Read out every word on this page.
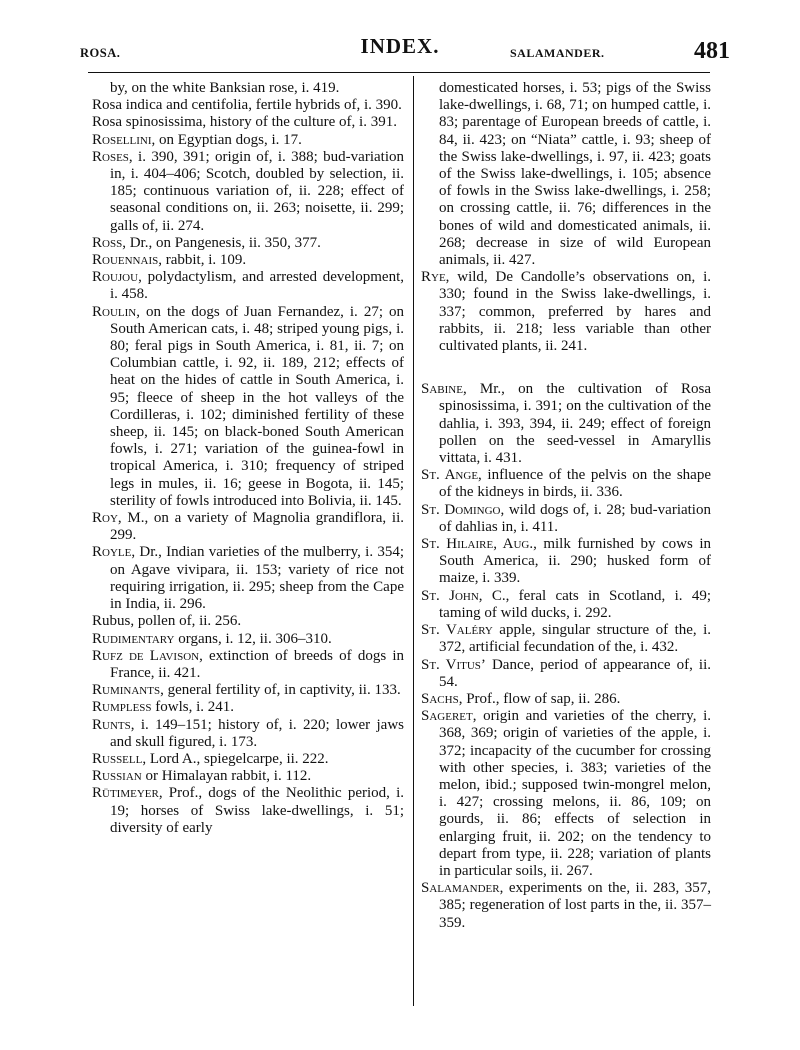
ROSA.	INDEX.	SALAMANDER.	481

by, on the white Banksian rose, i. 419.

Rosa indica and centifolia, fertile hybrids of, i. 390.

Rosa spinosissima, history of the culture of, i. 391.

Rosellini, on Egyptian dogs, i. 17.

Roses, i. 390, 391; origin of, i. 388; bud-variation in, i. 404–406; Scotch, doubled by selection, ii. 185; continuous variation of, ii. 228; effect of seasonal conditions on, ii. 263; noisette, ii. 299; galls of, ii. 274.

Ross, Dr., on Pangenesis, ii. 350, 377.

Rouennais, rabbit, i. 109.

Roujou, polydactylism, and arrested development, i. 458.

Roulin, on the dogs of Juan Fernandez, i. 27; on South American cats, i. 48; striped young pigs, i. 80; feral pigs in South America, i. 81, ii. 7; on Columbian cattle, i. 92, ii. 189, 212; effects of heat on the hides of cattle in South America, i. 95; fleece of sheep in the hot valleys of the Cordilleras, i. 102; diminished fertility of these sheep, ii. 145; on black-boned South American fowls, i. 271; variation of the guinea-fowl in tropical America, i. 310; frequency of striped legs in mules, ii. 16; geese in Bogota, ii. 145; sterility of fowls introduced into Bolivia, ii. 145.

Roy, M., on a variety of Magnolia grandiflora, ii. 299.

Royle, Dr., Indian varieties of the mulberry, i. 354; on Agave vivipara, ii. 153; variety of rice not requiring irrigation, ii. 295; sheep from the Cape in India, ii. 296.

Rubus, pollen of, ii. 256.

Rudimentary organs, i. 12, ii. 306–310.

Rufz de Lavison, extinction of breeds of dogs in France, ii. 421.

Ruminants, general fertility of, in captivity, ii. 133.

Rumpless fowls, i. 241.

Runts, i. 149–151; history of, i. 220; lower jaws and skull figured, i. 173.

Russell, Lord A., spiegelcarpe, ii. 222.

Russian or Himalayan rabbit, i. 112.

Rütimeyer, Prof., dogs of the Neolithic period, i. 19; horses of Swiss lake-dwellings, i. 51; diversity of early

domesticated horses, i. 53; pigs of the Swiss lake-dwellings, i. 68, 71; on humped cattle, i. 83; parentage of European breeds of cattle, i. 84, ii. 423; on “Niata” cattle, i. 93; sheep of the Swiss lake-dwellings, i. 97, ii. 423; goats of the Swiss lake-dwellings, i. 105; absence of fowls in the Swiss lake-dwellings, i. 258; on crossing cattle, ii. 76; differences in the bones of wild and domesticated animals, ii. 268; decrease in size of wild European animals, ii. 427.

Rye, wild, De Candolle’s observations on, i. 330; found in the Swiss lake-dwellings, i. 337; common, preferred by hares and rabbits, ii. 218; less variable than other cultivated plants, ii. 241.

Sabine, Mr., on the cultivation of Rosa spinosissima, i. 391; on the cultivation of the dahlia, i. 393, 394, ii. 249; effect of foreign pollen on the seed-vessel in Amaryllis vittata, i. 431.

St. Ange, influence of the pelvis on the shape of the kidneys in birds, ii. 336.

St. Domingo, wild dogs of, i. 28; bud-variation of dahlias in, i. 411.

St. Hilaire, Aug., milk furnished by cows in South America, ii. 290; husked form of maize, i. 339.

St. John, C., feral cats in Scotland, i. 49; taming of wild ducks, i. 292.

St. Valéry apple, singular structure of the, i. 372, artificial fecundation of the, i. 432.

St. Vitus’ Dance, period of appearance of, ii. 54.

Sachs, Prof., flow of sap, ii. 286.

Sageret, origin and varieties of the cherry, i. 368, 369; origin of varieties of the apple, i. 372; incapacity of the cucumber for crossing with other species, i. 383; varieties of the melon, ibid.; supposed twin-mongrel melon, i. 427; crossing melons, ii. 86, 109; on gourds, ii. 86; effects of selection in enlarging fruit, ii. 202; on the tendency to depart from type, ii. 228; variation of plants in particular soils, ii. 267.

Salamander, experiments on the, ii. 283, 357, 385; regeneration of lost parts in the, ii. 357–359.
